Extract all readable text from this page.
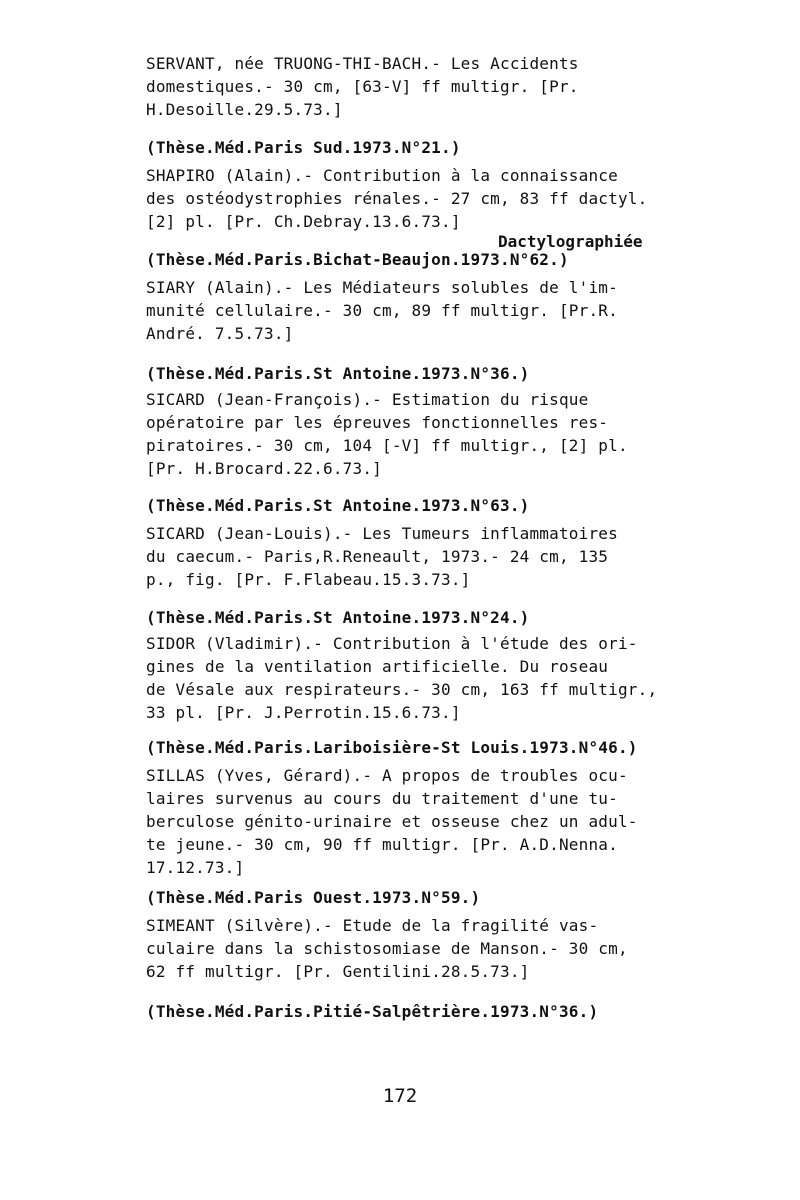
SERVANT, née TRUONG-THI-BACH.- Les Accidents
domestiques.- 30 cm, [63-V] ff multigr. [Pr.
H.Desoille.29.5.73.]

(Thèse.Méd.Paris Sud.1973.N°21.)

SHAPIRO (Alain).- Contribution à la connaissance
des ostéodystrophies rénales.- 27 cm, 83 ff dactyl.
[2] pl. [Pr. Ch.Debray.13.6.73.]

Dactylographiée
(Thèse.Méd.Paris.Bichat-Beaujon.1973.N°62.)

SIARY (Alain).- Les Médiateurs solubles de l'im-
munité cellulaire.- 30 cm, 89 ff multigr. [Pr.R.
André. 7.5.73.]

(Thèse.Méd.Paris.St Antoine.1973.N°36.)

SICARD (Jean-François).- Estimation du risque
opératoire par les épreuves fonctionnelles res-
piratoires.- 30 cm, 104 [-V] ff multigr., [2] pl.
[Pr. H.Brocard.22.6.73.]

(Thèse.Méd.Paris.St Antoine.1973.N°63.)

SICARD (Jean-Louis).- Les Tumeurs inflammatoires
du caecum.- Paris,R.Reneault, 1973.- 24 cm, 135
p., fig. [Pr. F.Flabeau.15.3.73.]

(Thèse.Méd.Paris.St Antoine.1973.N°24.)

SIDOR (Vladimir).- Contribution à l'étude des ori-
gines de la ventilation artificielle. Du roseau
de Vésale aux respirateurs.- 30 cm, 163 ff multigr.,
33 pl. [Pr. J.Perrotin.15.6.73.]

(Thèse.Méd.Paris.Lariboisière-St Louis.1973.N°46.)

SILLAS (Yves, Gérard).- A propos de troubles ocu-
laires survenus au cours du traitement d'une tu-
berculose génito-urinaire et osseuse chez un adul-
te jeune.- 30 cm, 90 ff multigr. [Pr. A.D.Nenna.
17.12.73.]

(Thèse.Méd.Paris Ouest.1973.N°59.)

SIMEANT (Silvère).- Etude de la fragilité vas-
culaire dans la schistosomiase de Manson.- 30 cm,
62 ff multigr. [Pr. Gentilini.28.5.73.]

(Thèse.Méd.Paris.Pitié-Salpêtrière.1973.N°36.)
172
